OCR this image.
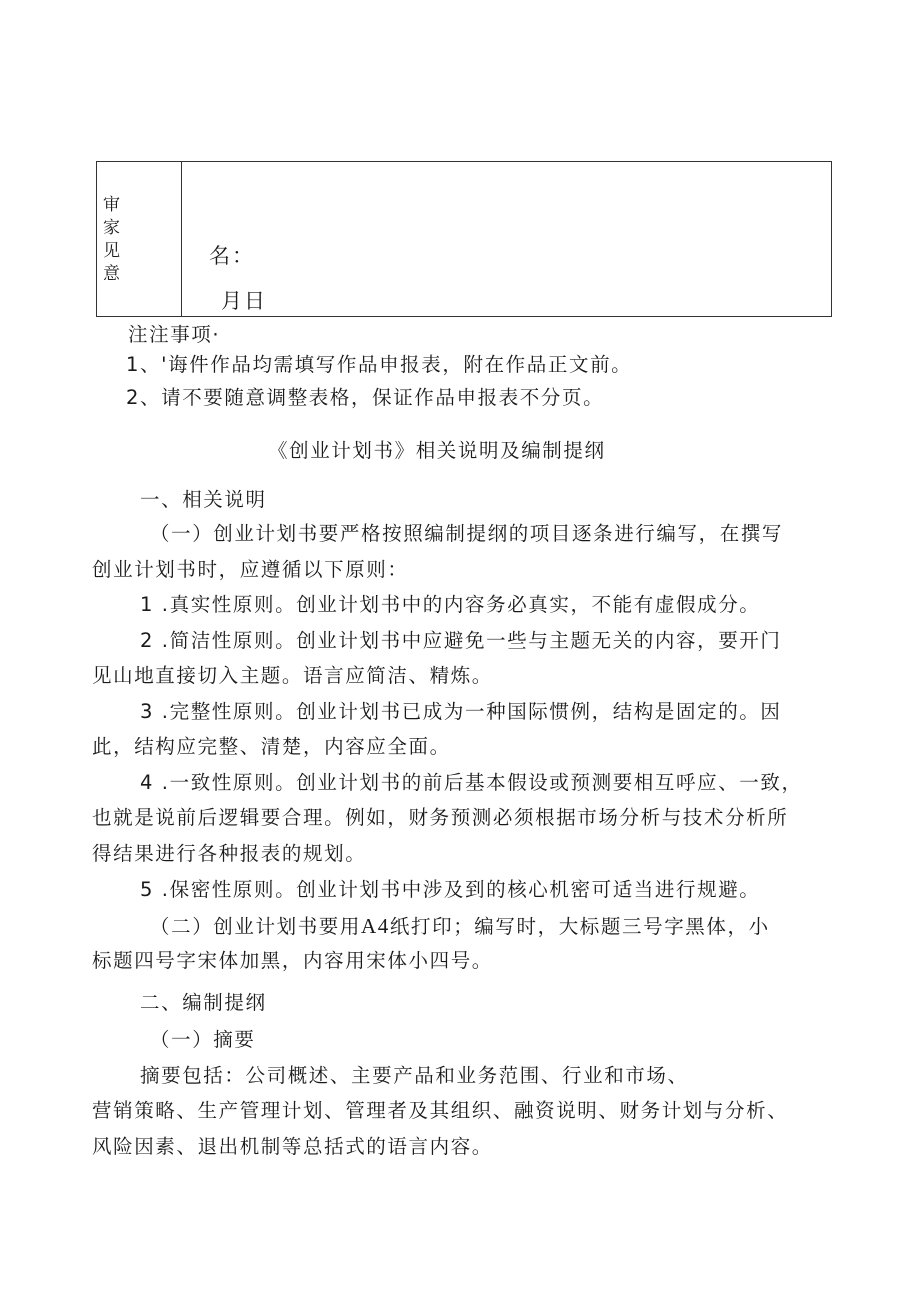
审家见意
名：
月日
注注事项·
1、'诲件作品均需填写作品申报表，附在作品正文前。
2、请不要随意调整表格，保证作品申报表不分页。
《创业计划书》相关说明及编制提纲
一、相关说明
（一）创业计划书要严格按照编制提纲的项目逐条进行编写，在撰写
创业计划书时，应遵循以下原则：
1 .真实性原则。创业计划书中的内容务必真实，不能有虚假成分。
2 .简洁性原则。创业计划书中应避免一些与主题无关的内容，要开门
见山地直接切入主题。语言应简洁、精炼。
3 .完整性原则。创业计划书已成为一种国际惯例，结构是固定的。因
此，结构应完整、清楚，内容应全面。
4 .一致性原则。创业计划书的前后基本假设或预测要相互呼应、一致，
也就是说前后逻辑要合理。例如，财务预测必须根据市场分析与技术分析所
得结果进行各种报表的规划。
5 .保密性原则。创业计划书中涉及到的核心机密可适当进行规避。
（二）创业计划书要用A4纸打印；编写时，大标题三号字黑体，小
标题四号字宋体加黑，内容用宋体小四号。
二、编制提纲
（一）摘要
摘要包括：公司概述、主要产品和业务范围、行业和市场、
营销策略、生产管理计划、管理者及其组织、融资说明、财务计划与分析、
风险因素、退出机制等总括式的语言内容。
